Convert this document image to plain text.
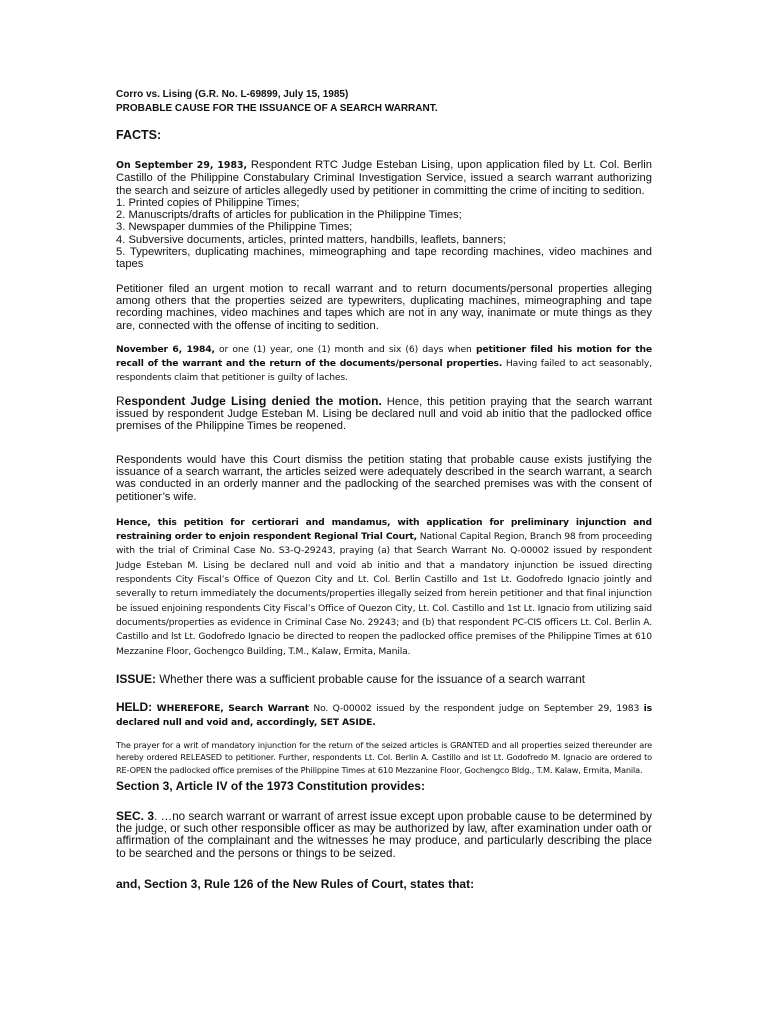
Corro vs. Lising (G.R. No. L-69899, July 15, 1985)
PROBABLE CAUSE FOR THE ISSUANCE OF A SEARCH WARRANT.
FACTS:

On September 29, 1983, Respondent RTC Judge Esteban Lising, upon application filed by Lt. Col. Berlin Castillo of the Philippine Constabulary Criminal Investigation Service, issued a search warrant authorizing the search and seizure of articles allegedly used by petitioner in committing the crime of inciting to sedition.

1. Printed copies of Philippine Times;
2. Manuscripts/drafts of articles for publication in the Philippine Times;
3. Newspaper dummies of the Philippine Times;
4. Subversive documents, articles, printed matters, handbills, leaflets, banners;
5. Typewriters, duplicating machines, mimeographing and tape recording machines, video machines and tapes

Petitioner filed an urgent motion to recall warrant and to return documents/personal properties alleging among others that the properties seized are typewriters, duplicating machines, mimeographing and tape recording machines, video machines and tapes which are not in any way, inanimate or mute things as they are, connected with the offense of inciting to sedition.

November 6, 1984, or one (1) year, one (1) month and six (6) days when petitioner filed his motion for the recall of the warrant and the return of the documents/personal properties. Having failed to act seasonably, respondents claim that petitioner is guilty of laches.

Respondent Judge Lising denied the motion. Hence, this petition praying that the search warrant issued by respondent Judge Esteban M. Lising be declared null and void ab initio that the padlocked office premises of the Philippine Times be reopened.

Respondents would have this Court dismiss the petition stating that probable cause exists justifying the issuance of a search warrant, the articles seized were adequately described in the search warrant, a search was conducted in an orderly manner and the padlocking of the searched premises was with the consent of petitioner’s wife.

Hence, this petition for certiorari and mandamus, with application for preliminary injunction and restraining order to enjoin respondent Regional Trial Court, National Capital Region, Branch 98 from proceeding with the trial of Criminal Case No. S3-Q-29243, praying (a) that Search Warrant No. Q-00002 issued by respondent Judge Esteban M. Lising be declared null and void ab initio and that a mandatory injunction be issued directing respondents City Fiscal’s Office of Quezon City and Lt. Col. Berlin Castillo and 1st Lt. Godofredo Ignacio jointly and severally to return immediately the documents/properties illegally seized from herein petitioner and that final injunction be issued enjoining respondents City Fiscal’s Office of Quezon City, Lt. Col. Castillo and 1st Lt. Ignacio from utilizing said documents/properties as evidence in Criminal Case No. 29243; and (b) that respondent PC-CIS officers Lt. Col. Berlin A. Castillo and lst Lt. Godofredo Ignacio be directed to reopen the padlocked office premises of the Philippine Times at 610 Mezzanine Floor, Gochengco Building, T.M., Kalaw, Ermita, Manila.

ISSUE: Whether there was a sufficient probable cause for the issuance of a search warrant

HELD: WHEREFORE, Search Warrant No. Q-00002 issued by the respondent judge on September 29, 1983 is declared null and void and, accordingly, SET ASIDE.

The prayer for a writ of mandatory injunction for the return of the seized articles is GRANTED and all properties seized thereunder are hereby ordered RELEASED to petitioner. Further, respondents Lt. Col. Berlin A. Castillo and lst Lt. Godofredo M. Ignacio are ordered to RE-OPEN the padlocked office premises of the Philippine Times at 610 Mezzanine Floor, Gochengco Bldg., T.M. Kalaw, Ermita, Manila.

Section 3, Article IV of the 1973 Constitution provides:

SEC. 3. …no search warrant or warrant of arrest issue except upon probable cause to be determined by the judge, or such other responsible officer as may be authorized by law, after examination under oath or affirmation of the complainant and the witnesses he may produce, and particularly describing the place to be searched and the persons or things to be seized.

and, Section 3, Rule 126 of the New Rules of Court, states that:
